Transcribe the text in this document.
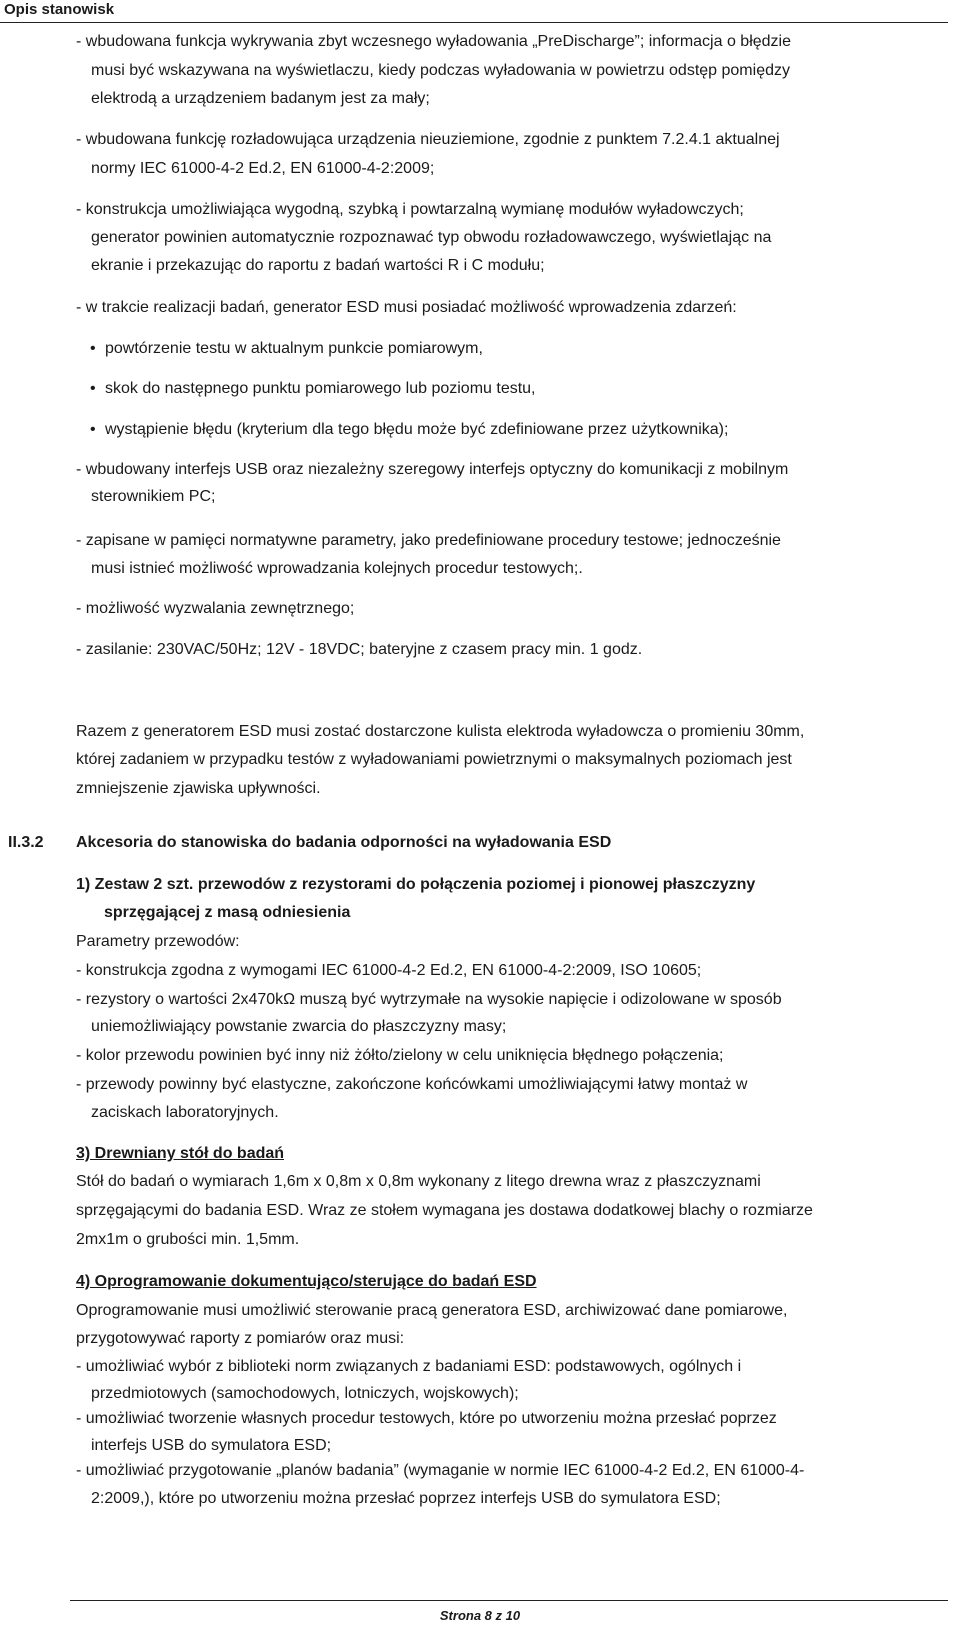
Opis stanowisk
- wbudowana funkcja wykrywania zbyt wczesnego wyładowania „PreDischarge”; informacja o błędzie
musi być wskazywana na wyświetlaczu, kiedy podczas wyładowania w powietrzu odstęp pomiędzy
elektrodą a urządzeniem badanym jest za mały;
- wbudowana funkcję rozładowująca urządzenia nieuziemione, zgodnie z punktem 7.2.4.1 aktualnej
normy IEC 61000-4-2 Ed.2, EN 61000-4-2:2009;
- konstrukcja umożliwiająca wygodną, szybką i powtarzalną wymianę modułów wyładowczych;
generator powinien automatycznie rozpoznawać typ obwodu rozładowawczego, wyświetlając na
ekranie i przekazując do raportu z badań wartości R i C modułu;
- w trakcie realizacji badań, generator ESD musi posiadać możliwość wprowadzenia zdarzeń:
• powtórzenie testu w aktualnym punkcie pomiarowym,
• skok do następnego punktu pomiarowego lub poziomu testu,
• wystąpienie błędu (kryterium dla tego błędu może być zdefiniowane przez użytkownika);
- wbudowany interfejs USB oraz niezależny szeregowy interfejs optyczny do komunikacji z mobilnym
sterownikiem PC;
- zapisane w pamięci normatywne parametry, jako predefiniowane procedury testowe; jednocześnie
musi istnieć możliwość wprowadzania kolejnych procedur testowych;.
- możliwość wyzwalania zewnętrznego;
- zasilanie: 230VAC/50Hz; 12V - 18VDC; bateryjne z czasem pracy min. 1 godz.
Razem z generatorem ESD musi zostać dostarczone kulista elektroda wyładowcza o promieniu 30mm,
której zadaniem w przypadku testów z wyładowaniami powietrznymi o maksymalnych poziomach jest
zmniejszenie zjawiska upływności.
II.3.2 Akcesoria do stanowiska do badania odporności na wyładowania ESD
1) Zestaw 2 szt. przewodów z rezystorami do połączenia poziomej i pionowej płaszczyzny
sprzęgającej z masą odniesienia
Parametry przewodów:
- konstrukcja zgodna z wymogami IEC 61000-4-2 Ed.2, EN 61000-4-2:2009, ISO 10605;
- rezystory o wartości 2x470kΩ muszą być wytrzymałe na wysokie napięcie i odizolowane w sposób
uniemożliwiający powstanie zwarcia do płaszczyzny masy;
- kolor przewodu powinien być inny niż żółto/zielony w celu uniknięcia błędnego połączenia;
- przewody powinny być elastyczne, zakończone końcówkami umożliwiającymi łatwy montaż w
zaciskach laboratoryjnych.
3) Drewniany stół do badań
Stół do badań o wymiarach 1,6m x 0,8m x 0,8m wykonany z litego drewna wraz z płaszczyznami
sprzęgającymi do badania ESD. Wraz ze stołem wymagana jes dostawa dodatkowej blachy o rozmiarze
2mx1m o grubości min. 1,5mm.
4) Oprogramowanie dokumentująco/sterujące do badań ESD
Oprogramowanie musi umożliwić sterowanie pracą generatora ESD, archiwizować dane pomiarowe,
przygotowywać raporty z pomiarów oraz musi:
- umożliwiać wybór z biblioteki norm związanych z badaniami ESD: podstawowych, ogólnych i
przedmiotowych (samochodowych, lotniczych, wojskowych);
- umożliwiać tworzenie własnych procedur testowych, które po utworzeniu można przesłać poprzez
interfejs USB do symulatora ESD;
- umożliwiać przygotowanie „planów badania” (wymaganie w normie IEC 61000-4-2 Ed.2, EN 61000-4-
2:2009,), które po utworzeniu można przesłać poprzez interfejs USB do symulatora ESD;
Strona 8 z 10
